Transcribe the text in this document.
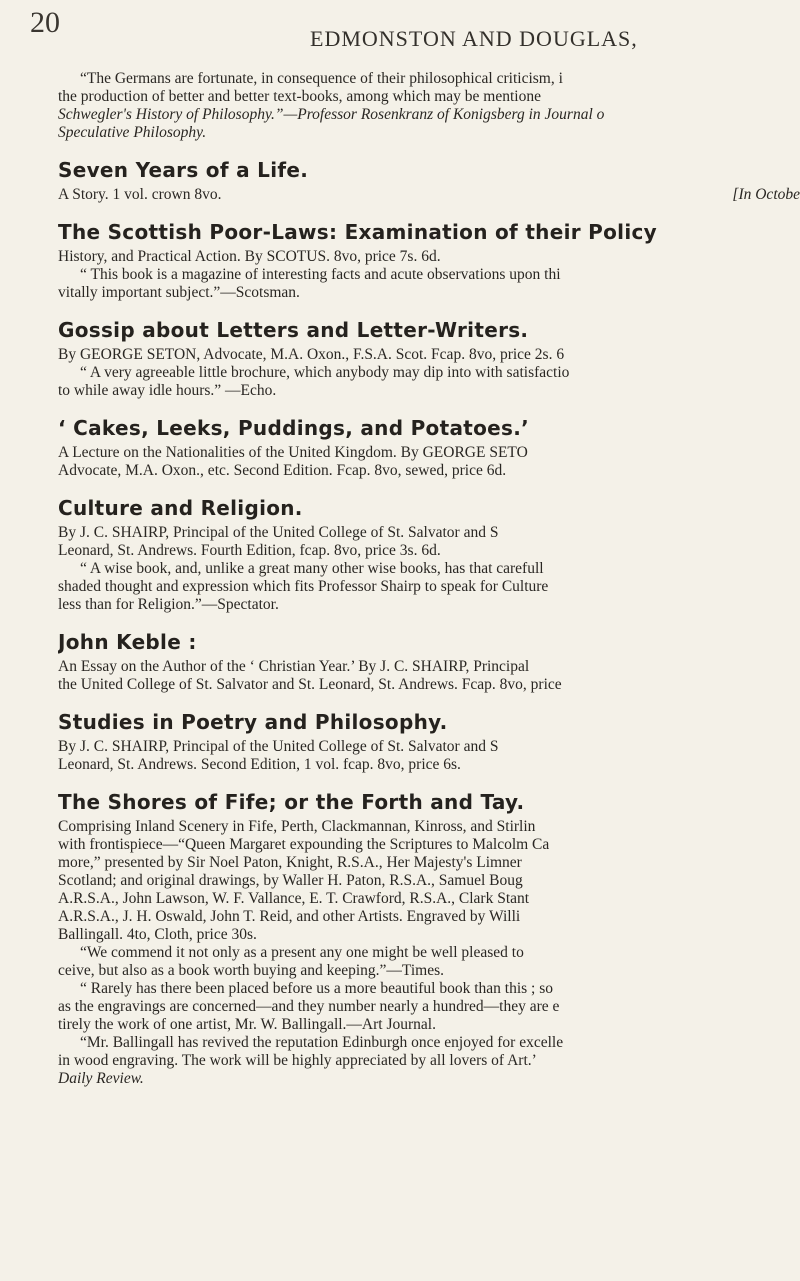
20	EDMONSTON AND DOUGLAS,

“The Germans are fortunate, in consequence of their philosophical criticism, i

the production of better and better text-books, among which may be mentione

Schwegler's History of Philosophy.”—Professor Rosenkranz of Konigsberg in Journal o

Speculative Philosophy.

Seven Years of a Life.
A Story. 1 vol. crown 8vo.	[In Octobe
The Scottish Poor-Laws: Examination of their Policy

History, and Practical Action. By SCOTUS. 8vo, price 7s. 6d.

“ This book is a magazine of interesting facts and acute observations upon thi

vitally important subject.”—Scotsman.

Gossip about Letters and Letter-Writers.

By GEORGE SETON, Advocate, M.A. Oxon., F.S.A. Scot. Fcap. 8vo, price 2s. 6

“ A very agreeable little brochure, which anybody may dip into with satisfactio

to while away idle hours.” —Echo.

‘ Cakes, Leeks, Puddings, and Potatoes.’

A Lecture on the Nationalities of the United Kingdom. By GEORGE SETO

Advocate, M.A. Oxon., etc. Second Edition. Fcap. 8vo, sewed, price 6d.

Culture and Religion.

By J. C. SHAIRP, Principal of the United College of St. Salvator and S

Leonard, St. Andrews. Fourth Edition, fcap. 8vo, price 3s. 6d.

“ A wise book, and, unlike a great many other wise books, has that carefull

shaded thought and expression which fits Professor Shairp to speak for Culture

less than for Religion.”—Spectator.

John Keble :

An Essay on the Author of the ‘ Christian Year.’ By J. C. SHAIRP, Principal

the United College of St. Salvator and St. Leonard, St. Andrews. Fcap. 8vo, price

Studies in Poetry and Philosophy.

By J. C. SHAIRP, Principal of the United College of St. Salvator and S

Leonard, St. Andrews. Second Edition, 1 vol. fcap. 8vo, price 6s.

The Shores of Fife; or the Forth and Tay.

Comprising Inland Scenery in Fife, Perth, Clackmannan, Kinross, and Stirlin

with frontispiece—“Queen Margaret expounding the Scriptures to Malcolm Ca

more,” presented by Sir Noel Paton, Knight, R.S.A., Her Majesty's Limner

Scotland; and original drawings, by Waller H. Paton, R.S.A., Samuel Boug

A.R.S.A., John Lawson, W. F. Vallance, E. T. Crawford, R.S.A., Clark Stant

A.R.S.A., J. H. Oswald, John T. Reid, and other Artists. Engraved by Willi

Ballingall. 4to, Cloth, price 30s.

“We commend it not only as a present any one might be well pleased to

ceive, but also as a book worth buying and keeping.”—Times.

“ Rarely has there been placed before us a more beautiful book than this ; so

as the engravings are concerned—and they number nearly a hundred—they are e

tirely the work of one artist, Mr. W. Ballingall.—Art Journal.

“Mr. Ballingall has revived the reputation Edinburgh once enjoyed for excelle

in wood engraving. The work will be highly appreciated by all lovers of Art.’

Daily Review.
